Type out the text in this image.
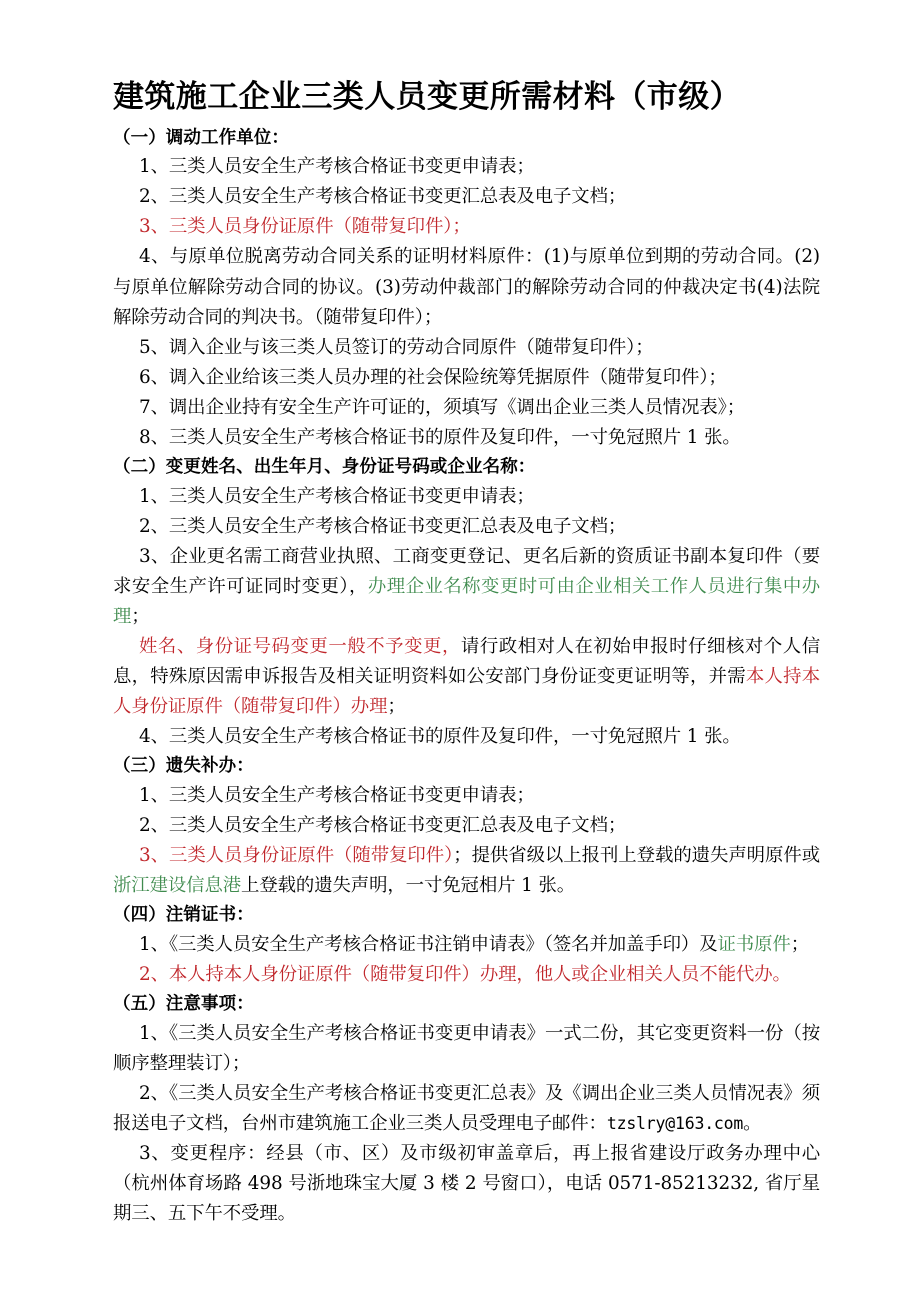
建筑施工企业三类人员变更所需材料（市级）
（一）调动工作单位：

1、三类人员安全生产考核合格证书变更申请表；

2、三类人员安全生产考核合格证书变更汇总表及电子文档；

3、三类人员身份证原件（随带复印件）；

4、与原单位脱离劳动合同关系的证明材料原件：(1)与原单位到期的劳动合同。(2)与原单位解除劳动合同的协议。(3)劳动仲裁部门的解除劳动合同的仲裁决定书(4)法院解除劳动合同的判决书。（随带复印件）；

5、调入企业与该三类人员签订的劳动合同原件（随带复印件）；

6、调入企业给该三类人员办理的社会保险统筹凭据原件（随带复印件）；

7、调出企业持有安全生产许可证的，须填写《调出企业三类人员情况表》；

8、三类人员安全生产考核合格证书的原件及复印件，一寸免冠照片 1 张。

（二）变更姓名、出生年月、身份证号码或企业名称：

1、三类人员安全生产考核合格证书变更申请表；

2、三类人员安全生产考核合格证书变更汇总表及电子文档；

3、企业更名需工商营业执照、工商变更登记、更名后新的资质证书副本复印件（要求安全生产许可证同时变更），办理企业名称变更时可由企业相关工作人员进行集中办理；

姓名、身份证号码变更一般不予变更，请行政相对人在初始申报时仔细核对个人信息，特殊原因需申诉报告及相关证明资料如公安部门身份证变更证明等，并需本人持本人身份证原件（随带复印件）办理；

4、三类人员安全生产考核合格证书的原件及复印件，一寸免冠照片 1 张。

（三）遗失补办：

1、三类人员安全生产考核合格证书变更申请表；

2、三类人员安全生产考核合格证书变更汇总表及电子文档；

3、三类人员身份证原件（随带复印件）；提供省级以上报刊上登载的遗失声明原件或浙江建设信息港上登载的遗失声明，一寸免冠相片 1 张。

（四）注销证书：

1、《三类人员安全生产考核合格证书注销申请表》（签名并加盖手印）及证书原件；

2、本人持本人身份证原件（随带复印件）办理，他人或企业相关人员不能代办。

（五）注意事项：

1、《三类人员安全生产考核合格证书变更申请表》一式二份，其它变更资料一份（按顺序整理装订）；

2、《三类人员安全生产考核合格证书变更汇总表》及《调出企业三类人员情况表》须报送电子文档，台州市建筑施工企业三类人员受理电子邮件：tzslry@163.com。

3、变更程序：经县（市、区）及市级初审盖章后，再上报省建设厅政务办理中心（杭州体育场路 498 号浙地珠宝大厦 3 楼 2 号窗口），电话 0571-85213232, 省厅星期三、五下午不受理。
